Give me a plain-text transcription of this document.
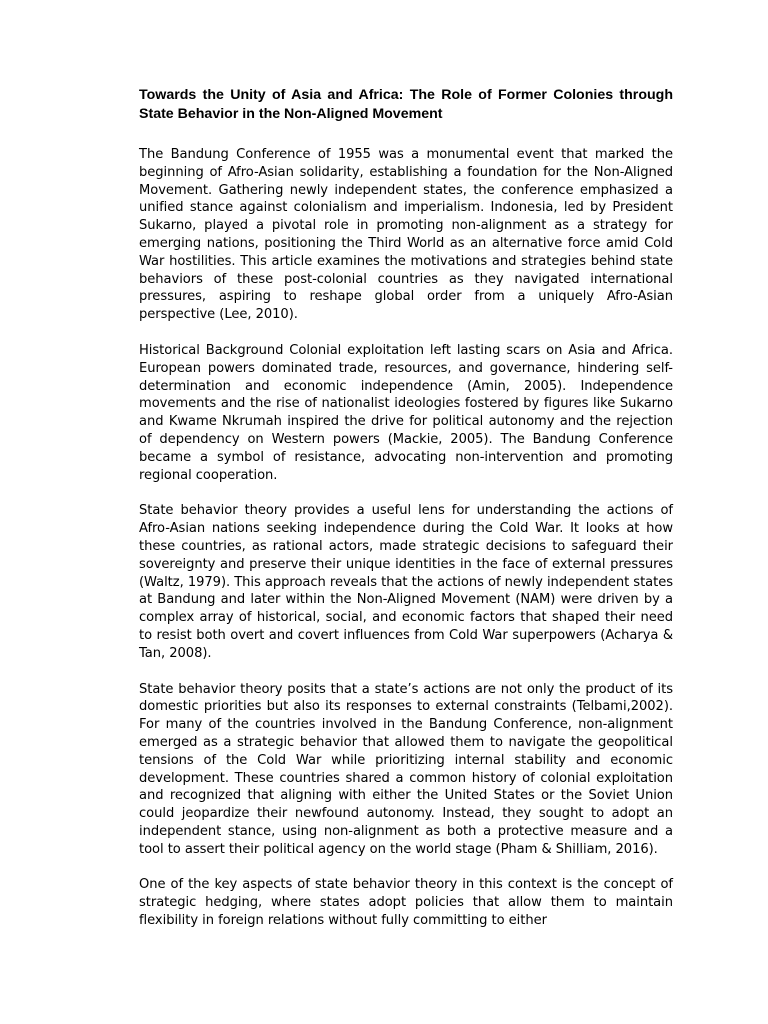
Towards the Unity of Asia and Africa: The Role of Former Colonies through State Behavior in the Non-Aligned Movement

The Bandung Conference of 1955 was a monumental event that marked the beginning of Afro-Asian solidarity, establishing a foundation for the Non-Aligned Movement. Gathering newly independent states, the conference emphasized a unified stance against colonialism and imperialism. Indonesia, led by President Sukarno, played a pivotal role in promoting non-alignment as a strategy for emerging nations, positioning the Third World as an alternative force amid Cold War hostilities. This article examines the motivations and strategies behind state behaviors of these post-colonial countries as they navigated international pressures, aspiring to reshape global order from a uniquely Afro-Asian perspective (Lee, 2010).

Historical Background Colonial exploitation left lasting scars on Asia and Africa. European powers dominated trade, resources, and governance, hindering self-determination and economic independence (Amin, 2005). Independence movements and the rise of nationalist ideologies fostered by figures like Sukarno and Kwame Nkrumah inspired the drive for political autonomy and the rejection of dependency on Western powers (Mackie, 2005). The Bandung Conference became a symbol of resistance, advocating non-intervention and promoting regional cooperation.

State behavior theory provides a useful lens for understanding the actions of Afro-Asian nations seeking independence during the Cold War. It looks at how these countries, as rational actors, made strategic decisions to safeguard their sovereignty and preserve their unique identities in the face of external pressures (Waltz, 1979). This approach reveals that the actions of newly independent states at Bandung and later within the Non-Aligned Movement (NAM) were driven by a complex array of historical, social, and economic factors that shaped their need to resist both overt and covert influences from Cold War superpowers (Acharya & Tan, 2008).

State behavior theory posits that a state’s actions are not only the product of its domestic priorities but also its responses to external constraints (Telbami,2002). For many of the countries involved in the Bandung Conference, non-alignment emerged as a strategic behavior that allowed them to navigate the geopolitical tensions of the Cold War while prioritizing internal stability and economic development. These countries shared a common history of colonial exploitation and recognized that aligning with either the United States or the Soviet Union could jeopardize their newfound autonomy. Instead, they sought to adopt an independent stance, using non-alignment as both a protective measure and a tool to assert their political agency on the world stage (Pham & Shilliam, 2016).

One of the key aspects of state behavior theory in this context is the concept of strategic hedging, where states adopt policies that allow them to maintain flexibility in foreign relations without fully committing to either
